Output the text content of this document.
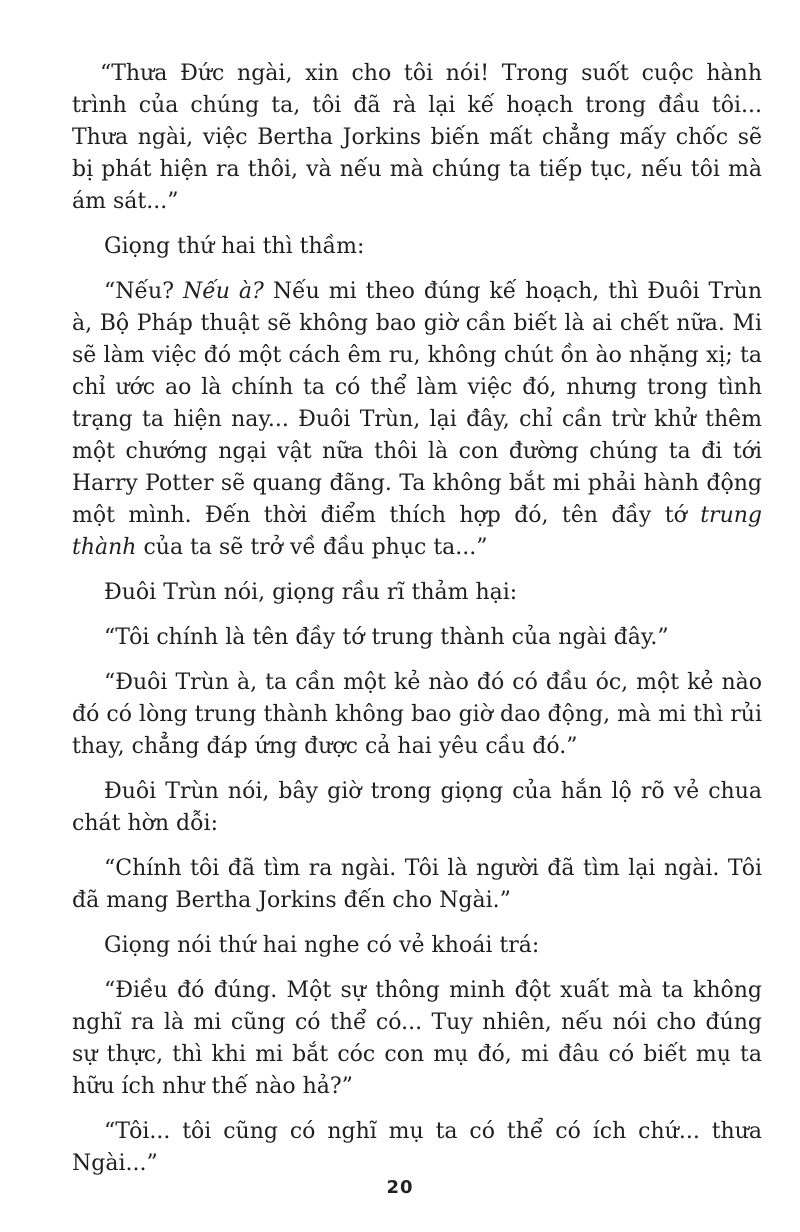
“Thưa Đức ngài, xin cho tôi nói! Trong suốt cuộc hành trình của chúng ta, tôi đã rà lại kế hoạch trong đầu tôi... Thưa ngài, việc Bertha Jorkins biến mất chẳng mấy chốc sẽ bị phát hiện ra thôi, và nếu mà chúng ta tiếp tục, nếu tôi mà ám sát...”

Giọng thứ hai thì thầm:

“Nếu? Nếu à? Nếu mi theo đúng kế hoạch, thì Đuôi Trùn à, Bộ Pháp thuật sẽ không bao giờ cần biết là ai chết nữa. Mi sẽ làm việc đó một cách êm ru, không chút ồn ào nhặng xị; ta chỉ ước ao là chính ta có thể làm việc đó, nhưng trong tình trạng ta hiện nay... Đuôi Trùn, lại đây, chỉ cần trừ khử thêm một chướng ngại vật nữa thôi là con đường chúng ta đi tới Harry Potter sẽ quang đãng. Ta không bắt mi phải hành động một mình. Đến thời điểm thích hợp đó, tên đầy tớ trung thành của ta sẽ trở về đầu phục ta...”

Đuôi Trùn nói, giọng rầu rĩ thảm hại:

“Tôi chính là tên đầy tớ trung thành của ngài đây.”

“Đuôi Trùn à, ta cần một kẻ nào đó có đầu óc, một kẻ nào đó có lòng trung thành không bao giờ dao động, mà mi thì rủi thay, chẳng đáp ứng được cả hai yêu cầu đó.”

Đuôi Trùn nói, bây giờ trong giọng của hắn lộ rõ vẻ chua chát hờn dỗi:

“Chính tôi đã tìm ra ngài. Tôi là người đã tìm lại ngài. Tôi đã mang Bertha Jorkins đến cho Ngài.”

Giọng nói thứ hai nghe có vẻ khoái trá:

“Điều đó đúng. Một sự thông minh đột xuất mà ta không nghĩ ra là mi cũng có thể có... Tuy nhiên, nếu nói cho đúng sự thực, thì khi mi bắt cóc con mụ đó, mi đâu có biết mụ ta hữu ích như thế nào hả?”

“Tôi... tôi cũng có nghĩ mụ ta có thể có ích chứ... thưa Ngài...”

20
